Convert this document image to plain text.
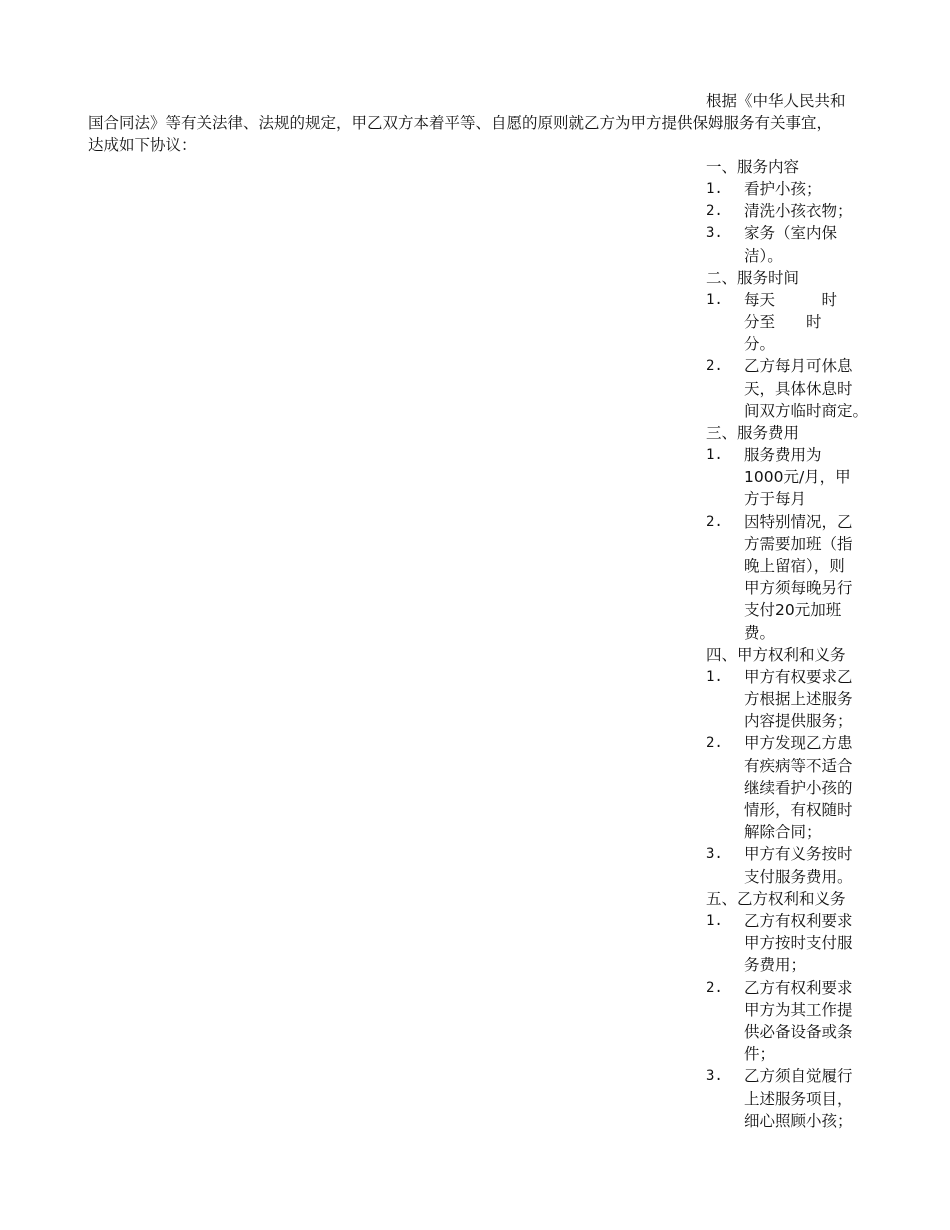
根据《中华人民共和
国合同法》等有关法律、法规的规定，甲乙双方本着平等、自愿的原则就乙方为甲方提供保姆服务有关事宜，
达成如下协议：
一、服务内容
1. 看护小孩；
2. 清洗小孩衣物；
3. 家务（室内保
洁）。
二、服务时间
1. 每天　　　时
分至　　时
分。
2. 乙方每月可休息
天，具体休息时
间双方临时商定。
三、服务费用
1. 服务费用为
1000元/月，甲
方于每月
2. 因特别情况，乙
方需要加班（指
晚上留宿），则
甲方须每晚另行
支付20元加班
费。
四、甲方权利和义务
1. 甲方有权要求乙
方根据上述服务
内容提供服务；
2. 甲方发现乙方患
有疾病等不适合
继续看护小孩的
情形，有权随时
解除合同；
3. 甲方有义务按时
支付服务费用。
五、乙方权利和义务
1. 乙方有权利要求
甲方按时支付服
务费用；
2. 乙方有权利要求
甲方为其工作提
供必备设备或条
件；
3. 乙方须自觉履行
上述服务项目，
细心照顾小孩；
